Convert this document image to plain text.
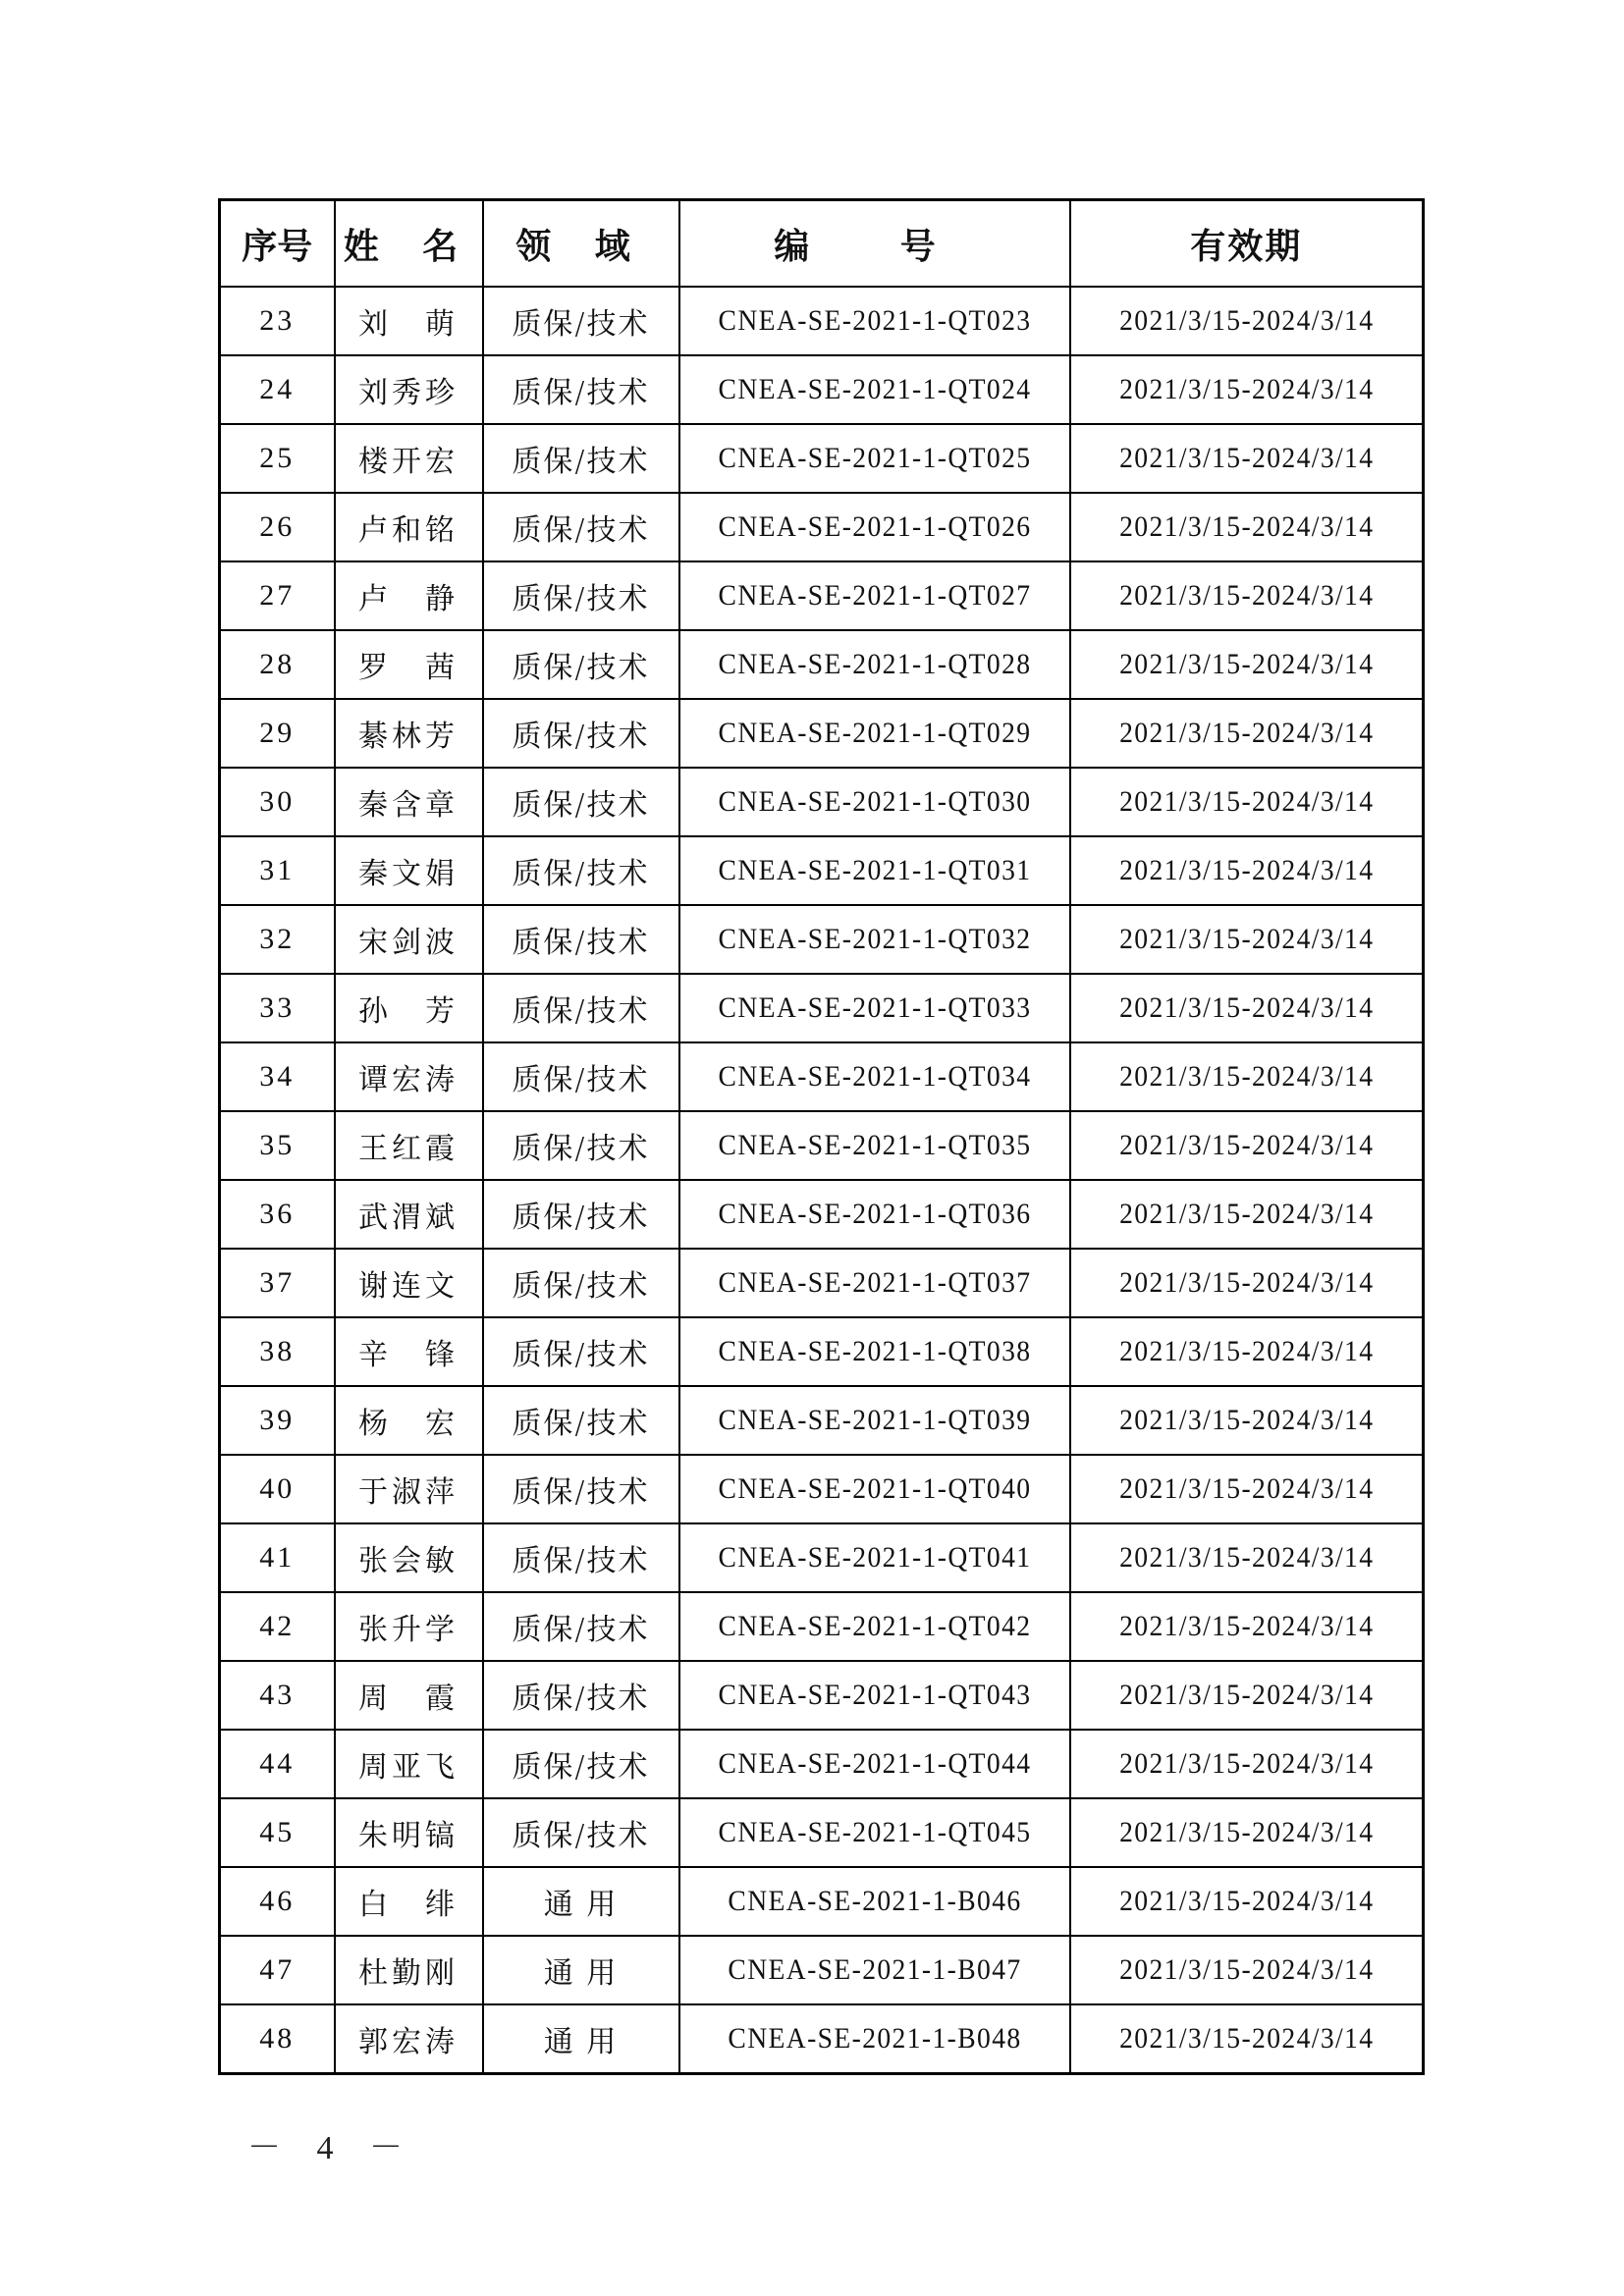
序号	姓 名	领 域	编 号	有效期
23	刘　萌	质保/技术	CNEA-SE-2021-1-QT023	2021/3/15-2024/3/14
24	刘秀珍	质保/技术	CNEA-SE-2021-1-QT024	2021/3/15-2024/3/14
25	楼开宏	质保/技术	CNEA-SE-2021-1-QT025	2021/3/15-2024/3/14
26	卢和铭	质保/技术	CNEA-SE-2021-1-QT026	2021/3/15-2024/3/14
27	卢　静	质保/技术	CNEA-SE-2021-1-QT027	2021/3/15-2024/3/14
28	罗　茜	质保/技术	CNEA-SE-2021-1-QT028	2021/3/15-2024/3/14
29	綦林芳	质保/技术	CNEA-SE-2021-1-QT029	2021/3/15-2024/3/14
30	秦含章	质保/技术	CNEA-SE-2021-1-QT030	2021/3/15-2024/3/14
31	秦文娟	质保/技术	CNEA-SE-2021-1-QT031	2021/3/15-2024/3/14
32	宋剑波	质保/技术	CNEA-SE-2021-1-QT032	2021/3/15-2024/3/14
33	孙　芳	质保/技术	CNEA-SE-2021-1-QT033	2021/3/15-2024/3/14
34	谭宏涛	质保/技术	CNEA-SE-2021-1-QT034	2021/3/15-2024/3/14
35	王红霞	质保/技术	CNEA-SE-2021-1-QT035	2021/3/15-2024/3/14
36	武渭斌	质保/技术	CNEA-SE-2021-1-QT036	2021/3/15-2024/3/14
37	谢连文	质保/技术	CNEA-SE-2021-1-QT037	2021/3/15-2024/3/14
38	辛　锋	质保/技术	CNEA-SE-2021-1-QT038	2021/3/15-2024/3/14
39	杨　宏	质保/技术	CNEA-SE-2021-1-QT039	2021/3/15-2024/3/14
40	于淑萍	质保/技术	CNEA-SE-2021-1-QT040	2021/3/15-2024/3/14
41	张会敏	质保/技术	CNEA-SE-2021-1-QT041	2021/3/15-2024/3/14
42	张升学	质保/技术	CNEA-SE-2021-1-QT042	2021/3/15-2024/3/14
43	周　霞	质保/技术	CNEA-SE-2021-1-QT043	2021/3/15-2024/3/14
44	周亚飞	质保/技术	CNEA-SE-2021-1-QT044	2021/3/15-2024/3/14
45	朱明镐	质保/技术	CNEA-SE-2021-1-QT045	2021/3/15-2024/3/14
46	白　绯	通 用	CNEA-SE-2021-1-B046	2021/3/15-2024/3/14
47	杜勤刚	通 用	CNEA-SE-2021-1-B047	2021/3/15-2024/3/14
48	郭宏涛	通 用	CNEA-SE-2021-1-B048	2021/3/15-2024/3/14
－ 4 －
